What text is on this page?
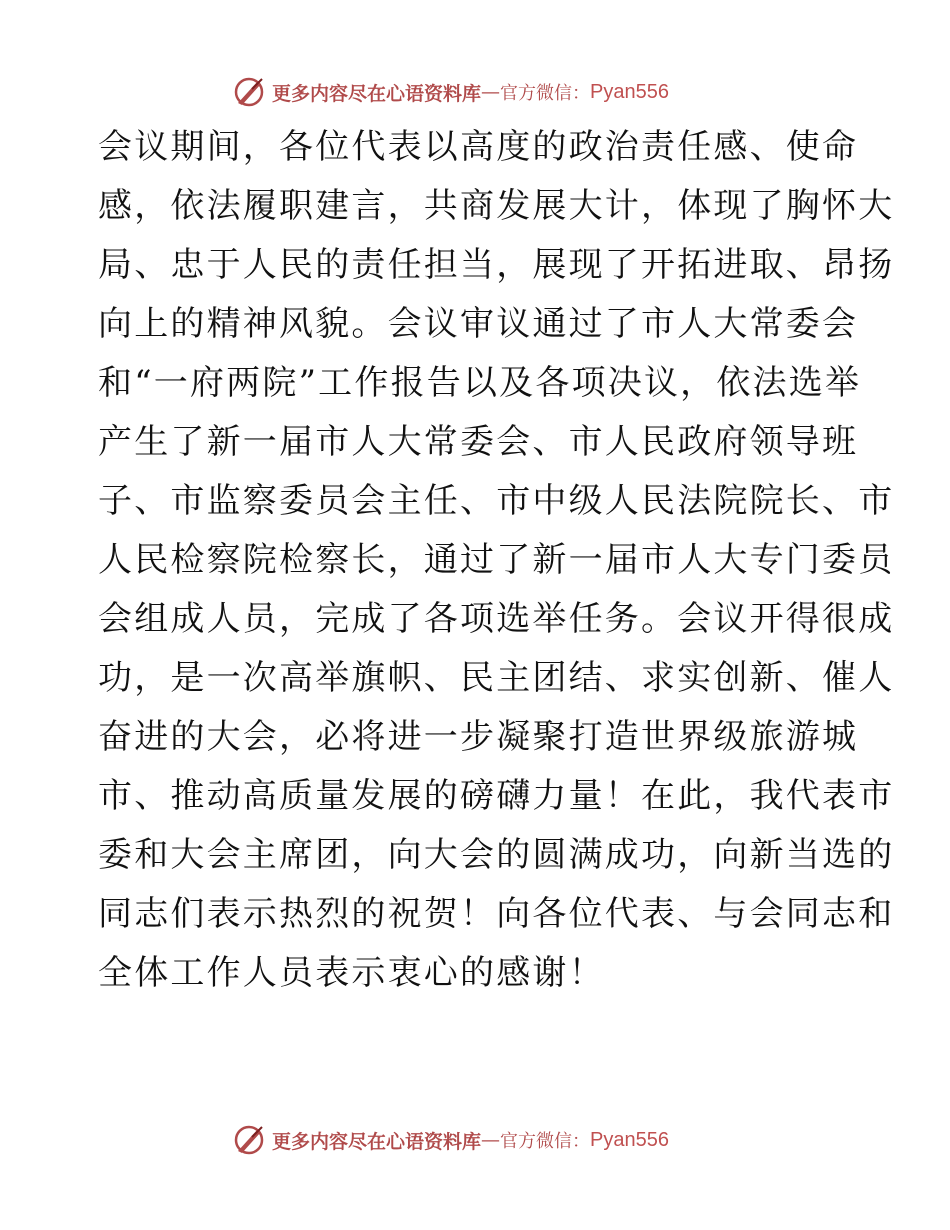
更多内容尽在心语资料库 — 官方微信： Pyan556
会议期间，各位代表以高度的政治责任感、使命
感，依法履职建言，共商发展大计，体现了胸怀大
局、忠于人民的责任担当，展现了开拓进取、昂扬
向上的精神风貌。会议审议通过了市人大常委会
和“一府两院”工作报告以及各项决议，依法选举
产生了新一届市人大常委会、市人民政府领导班
子、市监察委员会主任、市中级人民法院院长、市
人民检察院检察长，通过了新一届市人大专门委员
会组成人员，完成了各项选举任务。会议开得很成
功，是一次高举旗帜、民主团结、求实创新、催人
奋进的大会，必将进一步凝聚打造世界级旅游城
市、推动高质量发展的磅礴力量！在此，我代表市
委和大会主席团，向大会的圆满成功，向新当选的
同志们表示热烈的祝贺！向各位代表、与会同志和
全体工作人员表示衷心的感谢！
更多内容尽在心语资料库 — 官方微信： Pyan556
